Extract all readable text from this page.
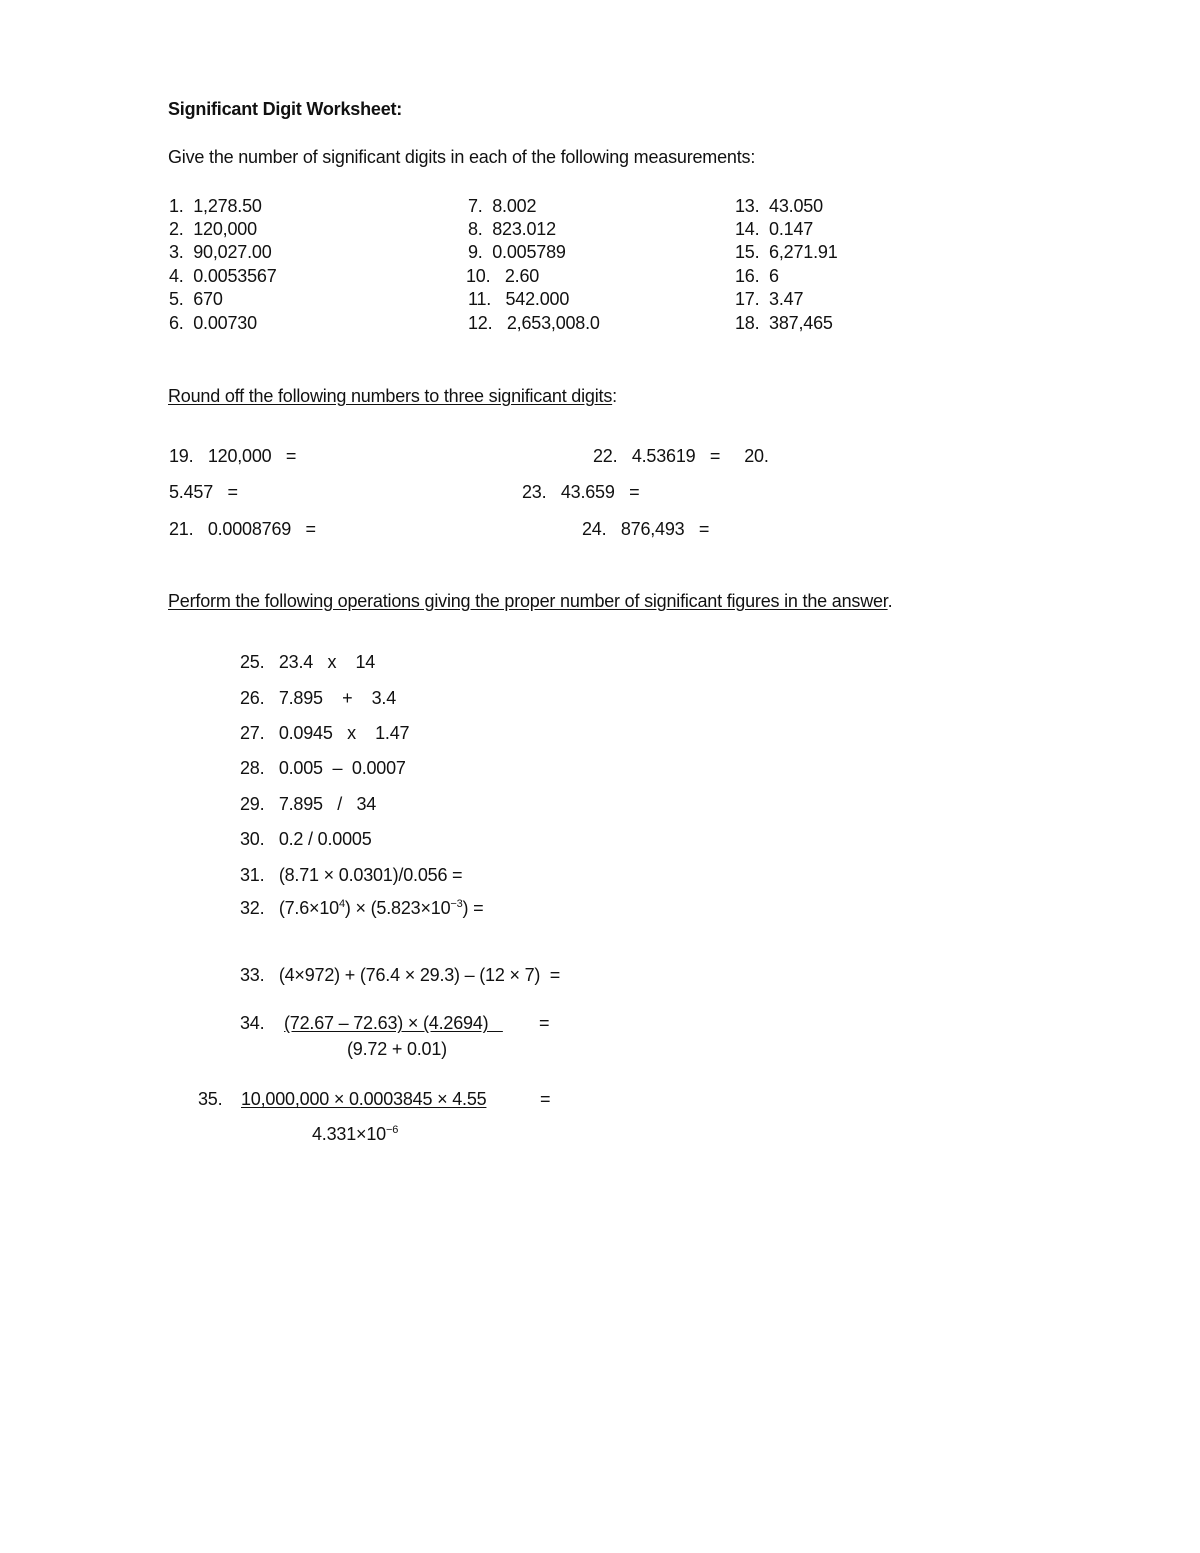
Significant Digit Worksheet:
Give the number of significant digits in each of the following measurements:
1. 1,278.50
2. 120,000
3. 90,027.00
4. 0.0053567
5. 670
6. 0.00730
7. 8.002
8. 823.012
9. 0.005789
10. 2.60
11. 542.000
12. 2,653,008.0
13. 43.050
14. 0.147
15. 6,271.91
16. 6
17. 3.47
18. 387,465
Round off the following numbers to three significant digits:
19.   120,000   =	22.   4.53619   =     20.
5.457   =	23.   43.659   =
21.   0.0008769   =	24.   876,493   =
Perform the following operations giving the proper number of significant figures in the answer.
25.   23.4   x    14
26.   7.895    +    3.4
27.   0.0945   x    1.47
28.   0.005  –  0.0007
29.   7.895   /   34
30.   0.2 / 0.0005
31.   (8.71 × 0.0301)/0.056 =
32.   $(7.6\times 10^4) \times (5.823\times 10^{-3})$ =
33.   (4×972) + (76.4 × 29.3) – (12 × 7)  =
34. (72.67 – 72.63) × (4.2694)	=
(9.72 + 0.01)
35. 10,000,000 × 0.0003845 × 4.55	=
$4.331\times 10^{-6}$
